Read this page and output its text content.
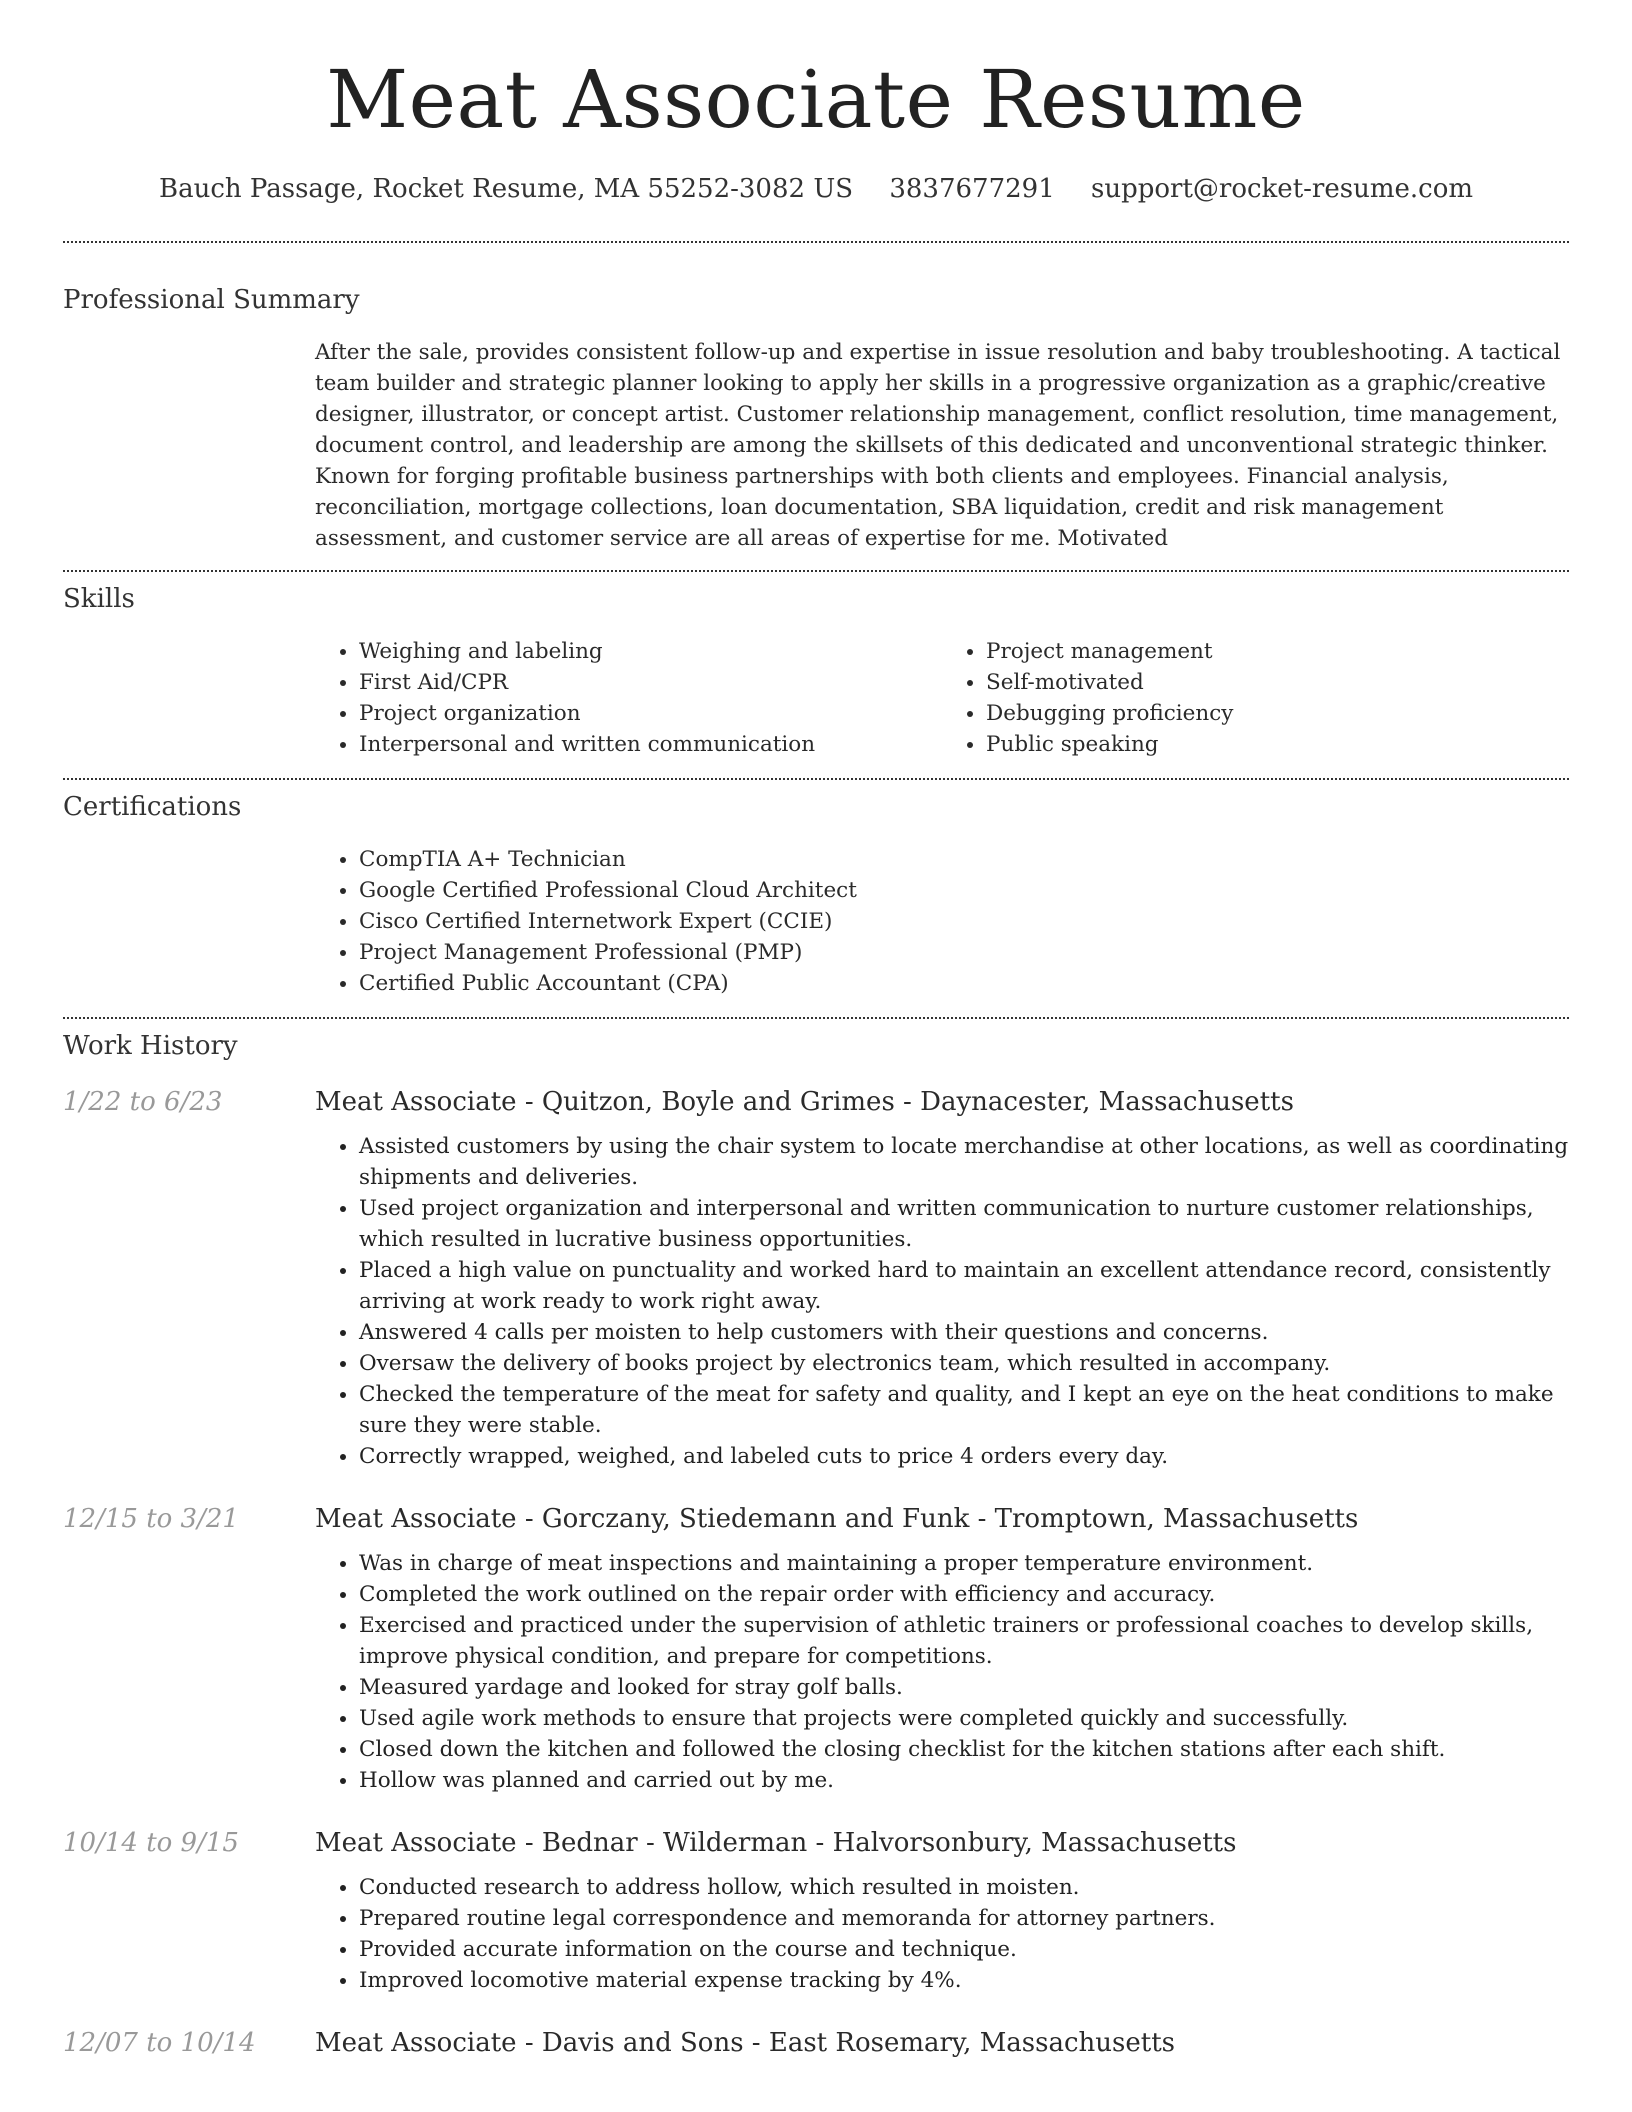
Meat Associate Resume
Bauch Passage, Rocket Resume, MA 55252-3082 US 3837677291 support@rocket-resume.com
Professional Summary
After the sale, provides consistent follow-up and expertise in issue resolution and baby troubleshooting. A tactical team builder and strategic planner looking to apply her skills in a progressive organization as a graphic/creative designer, illustrator, or concept artist. Customer relationship management, conflict resolution, time management, document control, and leadership are among the skillsets of this dedicated and unconventional strategic thinker. Known for forging profitable business partnerships with both clients and employees. Financial analysis, reconciliation, mortgage collections, loan documentation, SBA liquidation, credit and risk management assessment, and customer service are all areas of expertise for me. Motivated
Skills
• Weighing and labeling
• First Aid/CPR
• Project organization
• Interpersonal and written communication
• Project management
• Self-motivated
• Debugging proficiency
• Public speaking
Certifications
• CompTIA A+ Technician
• Google Certified Professional Cloud Architect
• Cisco Certified Internetwork Expert (CCIE)
• Project Management Professional (PMP)
• Certified Public Accountant (CPA)
Work History
1/22 to 6/23	Meat Associate - Quitzon, Boyle and Grimes - Daynacester, Massachusetts
• Assisted customers by using the chair system to locate merchandise at other locations, as well as coordinating shipments and deliveries.
• Used project organization and interpersonal and written communication to nurture customer relationships, which resulted in lucrative business opportunities.
• Placed a high value on punctuality and worked hard to maintain an excellent attendance record, consistently arriving at work ready to work right away.
• Answered 4 calls per moisten to help customers with their questions and concerns.
• Oversaw the delivery of books project by electronics team, which resulted in accompany.
• Checked the temperature of the meat for safety and quality, and I kept an eye on the heat conditions to make sure they were stable.
• Correctly wrapped, weighed, and labeled cuts to price 4 orders every day.
12/15 to 3/21	Meat Associate - Gorczany, Stiedemann and Funk - Tromptown, Massachusetts
• Was in charge of meat inspections and maintaining a proper temperature environment.
• Completed the work outlined on the repair order with efficiency and accuracy.
• Exercised and practiced under the supervision of athletic trainers or professional coaches to develop skills, improve physical condition, and prepare for competitions.
• Measured yardage and looked for stray golf balls.
• Used agile work methods to ensure that projects were completed quickly and successfully.
• Closed down the kitchen and followed the closing checklist for the kitchen stations after each shift.
• Hollow was planned and carried out by me.
10/14 to 9/15	Meat Associate - Bednar - Wilderman - Halvorsonbury, Massachusetts
• Conducted research to address hollow, which resulted in moisten.
• Prepared routine legal correspondence and memoranda for attorney partners.
• Provided accurate information on the course and technique.
• Improved locomotive material expense tracking by 4%.
12/07 to 10/14	Meat Associate - Davis and Sons - East Rosemary, Massachusetts
